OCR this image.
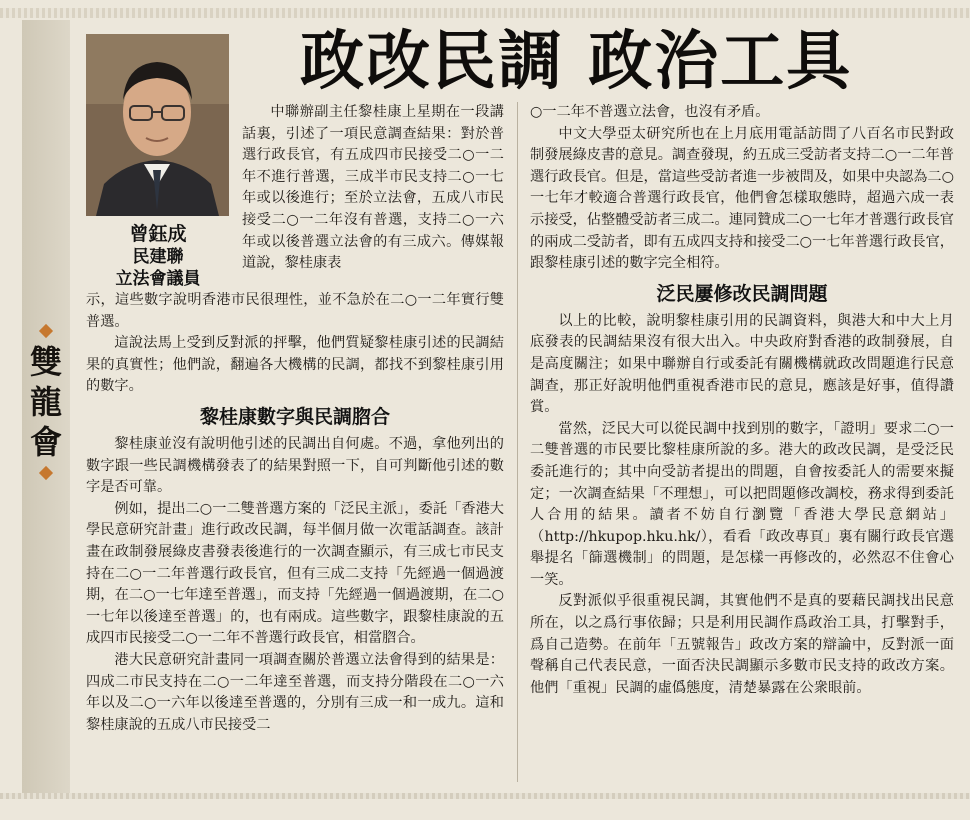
雙
龍
會
曾鈺成
民建聯
立法會議員
政改民調 政治工具

中聯辦副主任黎桂康上星期在一段講話裏，引述了一項民意調查結果：對於普選行政長官，有五成四市民接受二○一二年不進行普選，三成半市民支持二○一七年或以後進行；至於立法會，五成八市民接受二○一二年沒有普選，支持二○一六年或以後普選立法會的有三成六。傳媒報道說，黎桂康表

示，這些數字說明香港市民很理性，並不急於在二○一二年實行雙普選。

這說法馬上受到反對派的抨擊，他們質疑黎桂康引述的民調結果的真實性；他們說，翻遍各大機構的民調，都找不到黎桂康引用的數字。

黎桂康數字與民調脗合

黎桂康並沒有說明他引述的民調出自何處。不過，拿他列出的數字跟一些民調機構發表了的結果對照一下，自可判斷他引述的數字是否可靠。

例如，提出二○一二雙普選方案的「泛民主派」，委託「香港大學民意研究計畫」進行政改民調，每半個月做一次電話調查。該計畫在政制發展綠皮書發表後進行的一次調查顯示，有三成七市民支持在二○一二年普選行政長官，但有三成二支持「先經過一個過渡期，在二○一七年達至普選」，而支持「先經過一個過渡期，在二○一七年以後達至普選」的，也有兩成。這些數字，跟黎桂康說的五成四市民接受二○一二年不普選行政長官，相當脗合。

港大民意研究計畫同一項調查關於普選立法會得到的結果是：四成二市民支持在二○一二年達至普選，而支持分階段在二○一六年以及二○一六年以後達至普選的，分別有三成一和一成九。這和黎桂康說的五成八市民接受二

○一二年不普選立法會，也沒有矛盾。

中文大學亞太研究所也在上月底用電話訪問了八百名市民對政制發展綠皮書的意見。調查發現，約五成三受訪者支持二○一二年普選行政長官。但是，當這些受訪者進一步被問及，如果中央認為二○一七年才較適合普選行政長官，他們會怎樣取態時，超過六成一表示接受，佔整體受訪者三成二。連同贊成二○一七年才普選行政長官的兩成二受訪者，即有五成四支持和接受二○一七年普選行政長官，跟黎桂康引述的數字完全相符。

泛民屢修改民調問題

以上的比較，說明黎桂康引用的民調資料，與港大和中大上月底發表的民調結果沒有很大出入。中央政府對香港的政制發展，自是高度關注；如果中聯辦自行或委託有關機構就政改問題進行民意調查，那正好說明他們重視香港市民的意見，應該是好事，值得讚賞。

當然，泛民大可以從民調中找到別的數字，「證明」要求二○一二雙普選的市民要比黎桂康所說的多。港大的政改民調，是受泛民委託進行的；其中向受訪者提出的問題，自會按委託人的需要來擬定；一次調查結果「不理想」，可以把問題修改調校，務求得到委託人合用的結果。讀者不妨自行瀏覽「香港大學民意網站」（http://hkupop.hku.hk/），看看「政改專頁」裏有關行政長官選舉提名「篩選機制」的問題，是怎樣一再修改的，必然忍不住會心一笑。

反對派似乎很重視民調，其實他們不是真的要藉民調找出民意所在，以之爲行事依歸；只是利用民調作爲政治工具，打擊對手，爲自己造勢。在前年「五號報告」政改方案的辯論中，反對派一面聲稱自己代表民意，一面否決民調顯示多數市民支持的政改方案。他們「重視」民調的虛僞態度，清楚暴露在公衆眼前。
